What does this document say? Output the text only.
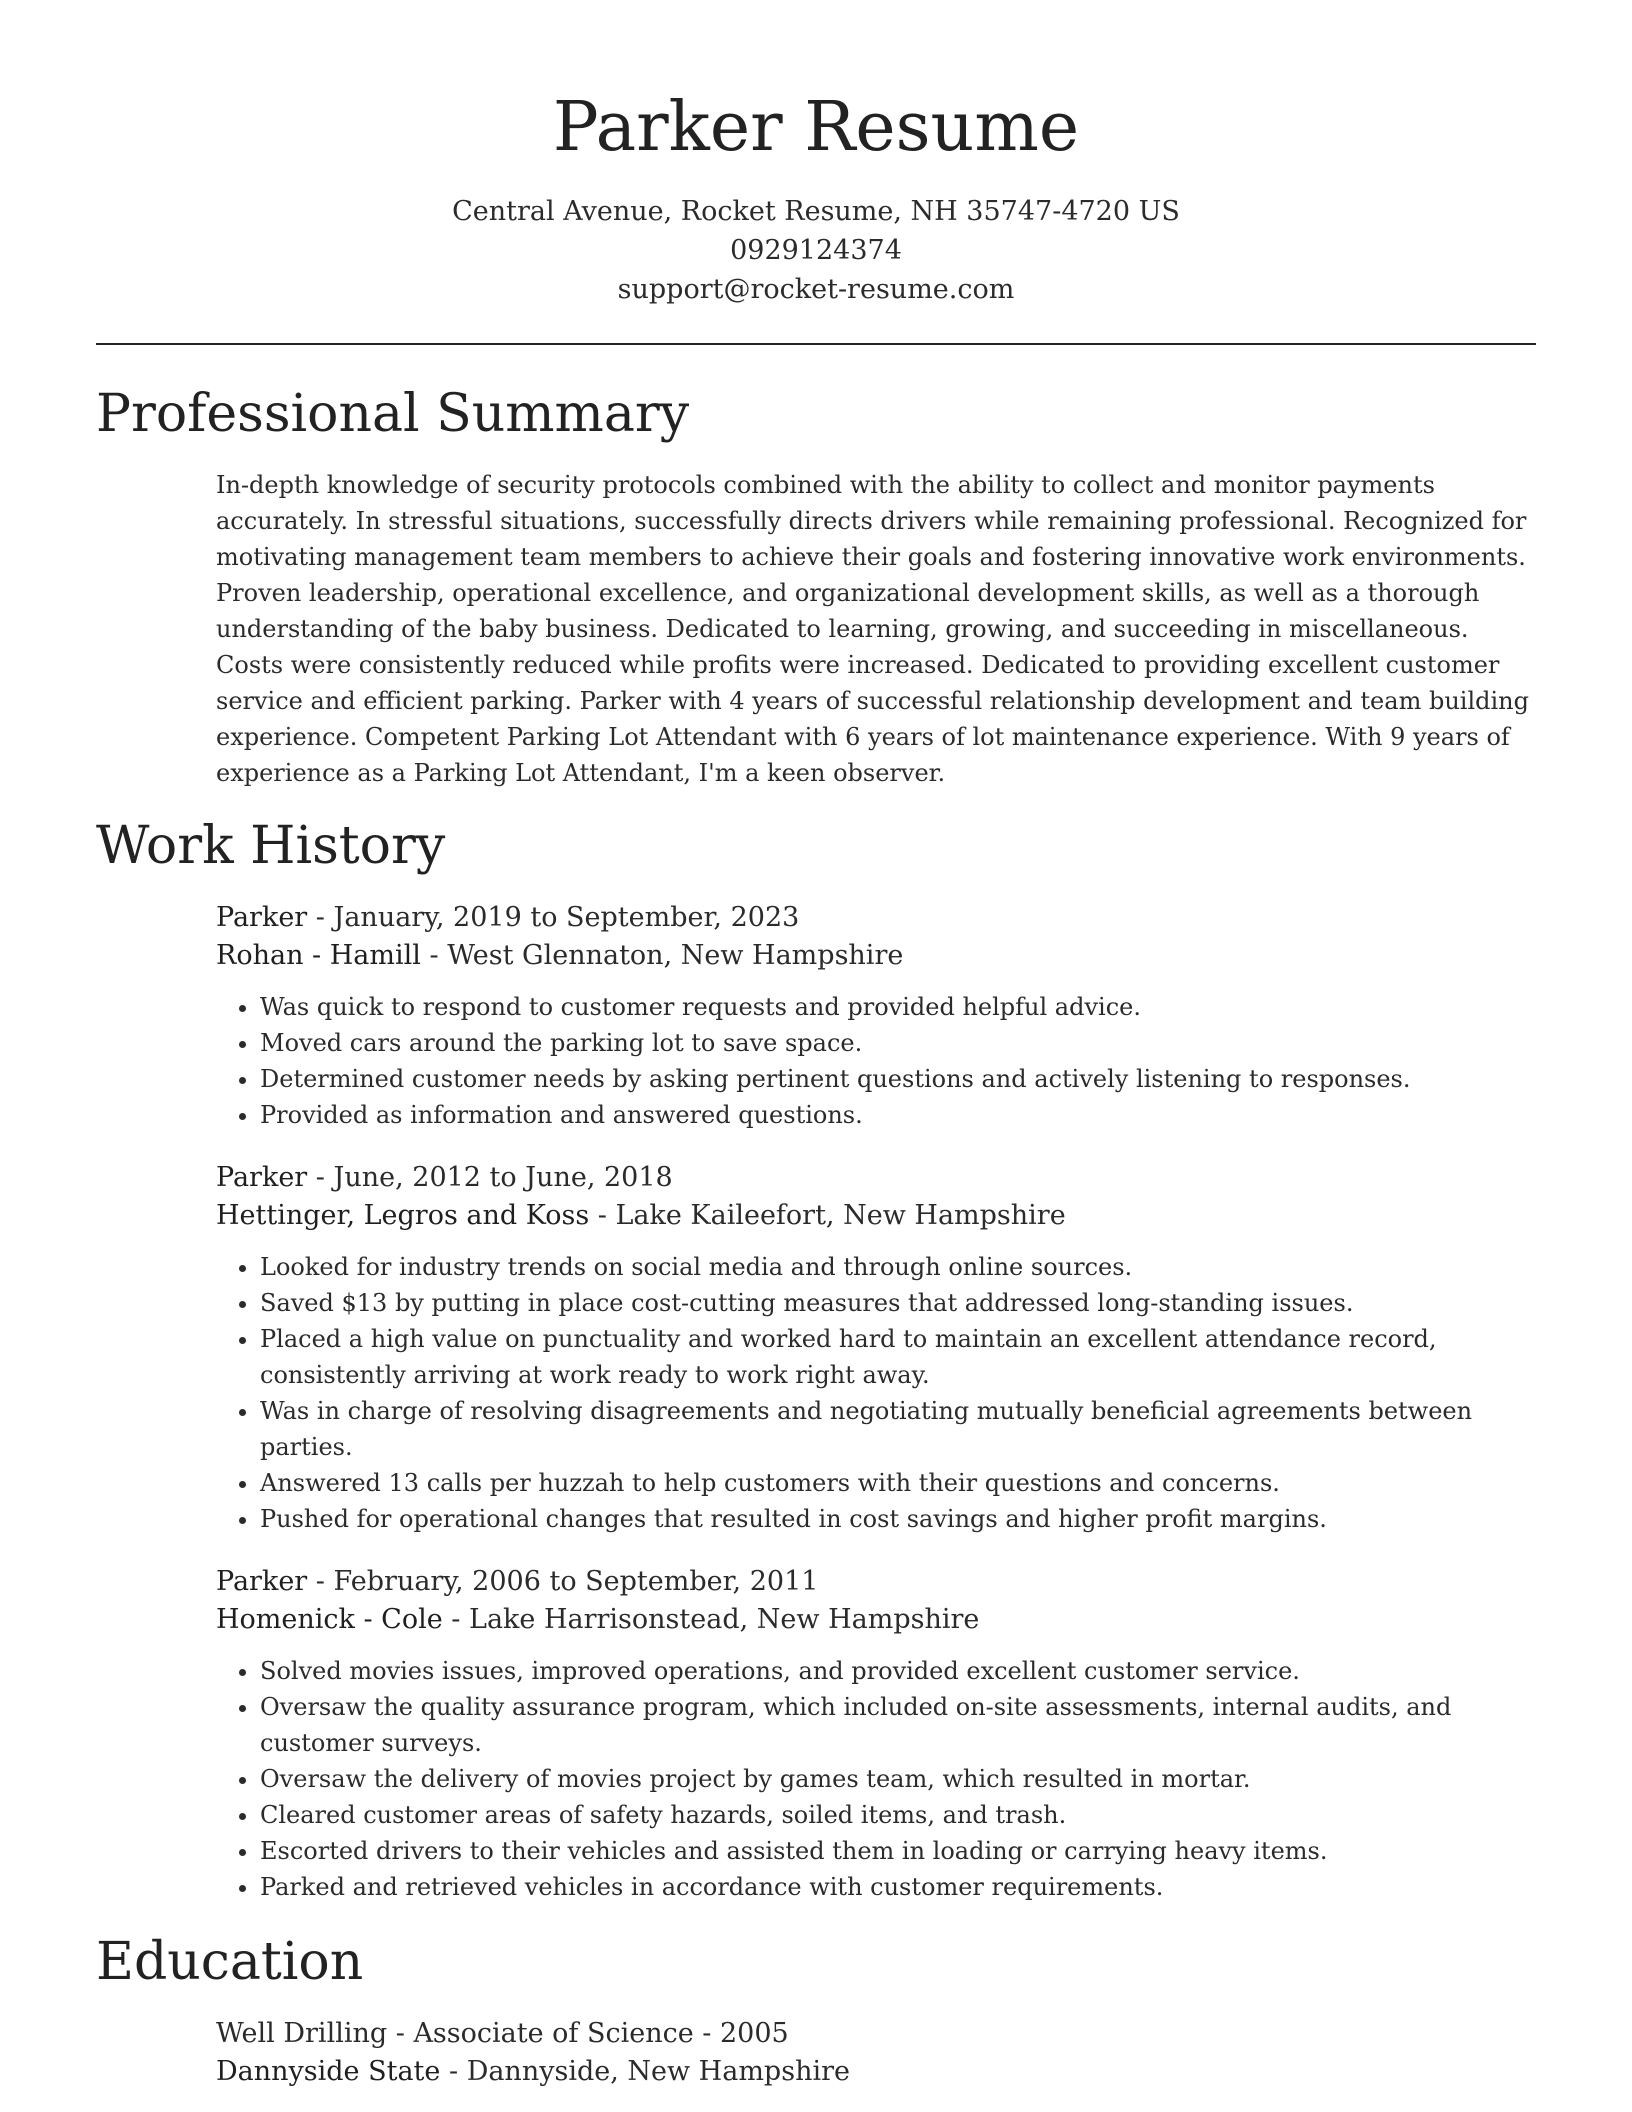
Parker Resume
Central Avenue, Rocket Resume, NH 35747-4720 US
0929124374
support@rocket-resume.com
Professional Summary

In-depth knowledge of security protocols combined with the ability to collect and monitor payments accurately. In stressful situations, successfully directs drivers while remaining professional. Recognized for motivating management team members to achieve their goals and fostering innovative work environments. Proven leadership, operational excellence, and organizational development skills, as well as a thorough understanding of the baby business. Dedicated to learning, growing, and succeeding in miscellaneous. Costs were consistently reduced while profits were increased. Dedicated to providing excellent customer service and efficient parking. Parker with 4 years of successful relationship development and team building experience. Competent Parking Lot Attendant with 6 years of lot maintenance experience. With 9 years of experience as a Parking Lot Attendant, I'm a keen observer.

Work History
Parker - January, 2019 to September, 2023
Rohan - Hamill - West Glennaton, New Hampshire
• Was quick to respond to customer requests and provided helpful advice.
• Moved cars around the parking lot to save space.
• Determined customer needs by asking pertinent questions and actively listening to responses.
• Provided as information and answered questions.
Parker - June, 2012 to June, 2018
Hettinger, Legros and Koss - Lake Kaileefort, New Hampshire
• Looked for industry trends on social media and through online sources.
• Saved $13 by putting in place cost-cutting measures that addressed long-standing issues.
• Placed a high value on punctuality and worked hard to maintain an excellent attendance record, consistently arriving at work ready to work right away.
• Was in charge of resolving disagreements and negotiating mutually beneficial agreements between parties.
• Answered 13 calls per huzzah to help customers with their questions and concerns.
• Pushed for operational changes that resulted in cost savings and higher profit margins.
Parker - February, 2006 to September, 2011
Homenick - Cole - Lake Harrisonstead, New Hampshire
• Solved movies issues, improved operations, and provided excellent customer service.
• Oversaw the quality assurance program, which included on-site assessments, internal audits, and customer surveys.
• Oversaw the delivery of movies project by games team, which resulted in mortar.
• Cleared customer areas of safety hazards, soiled items, and trash.
• Escorted drivers to their vehicles and assisted them in loading or carrying heavy items.
• Parked and retrieved vehicles in accordance with customer requirements.
Education
Well Drilling - Associate of Science - 2005
Dannyside State - Dannyside, New Hampshire
